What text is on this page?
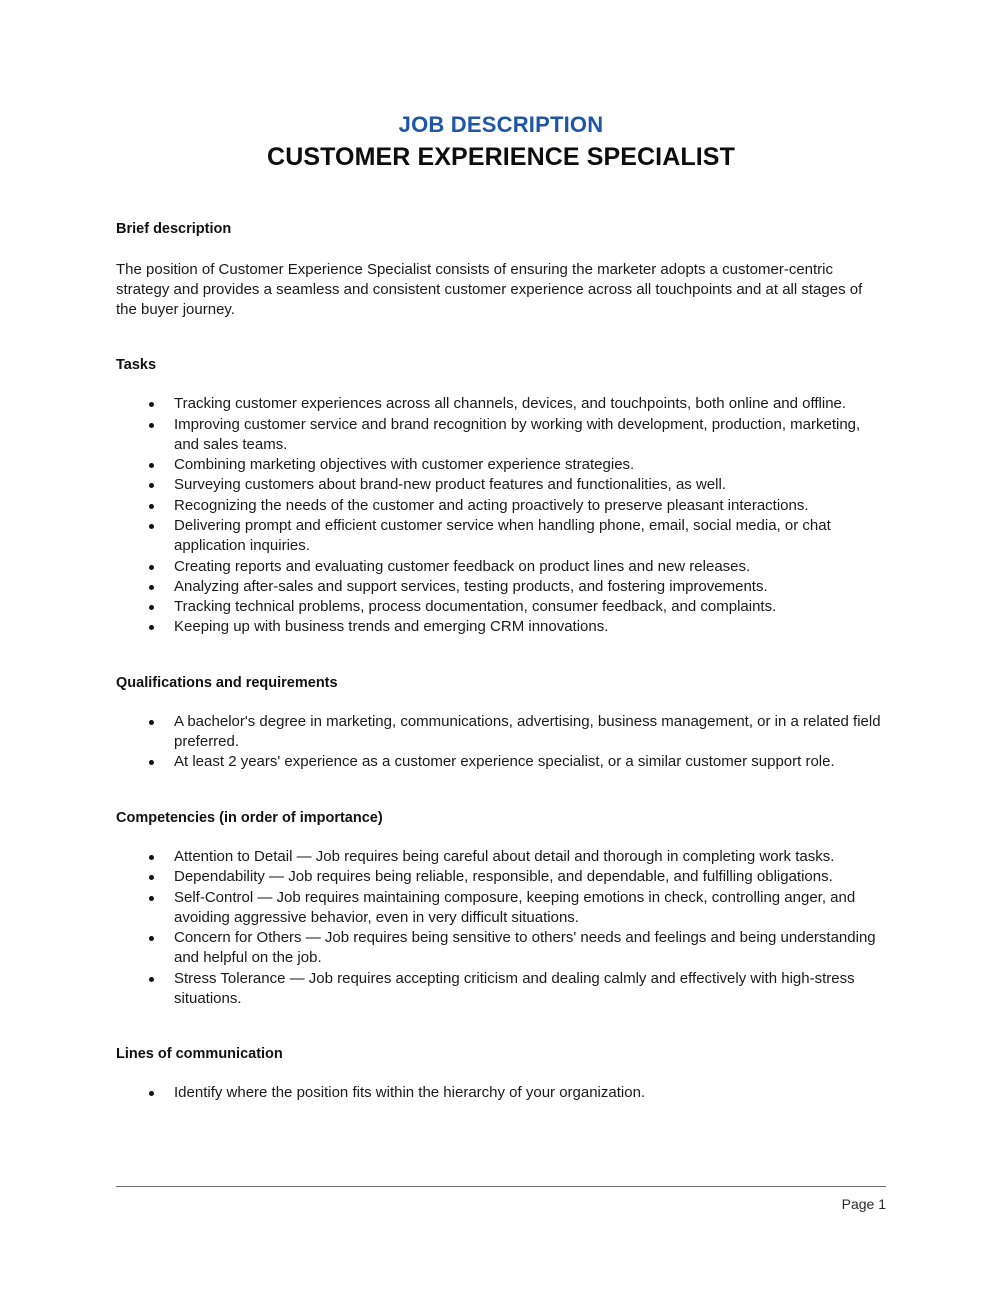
JOB DESCRIPTION
CUSTOMER EXPERIENCE SPECIALIST
Brief description

The position of Customer Experience Specialist consists of ensuring the marketer adopts a customer-centric strategy and provides a seamless and consistent customer experience across all touchpoints and at all stages of the buyer journey.

Tasks
Tracking customer experiences across all channels, devices, and touchpoints, both online and offline.
Improving customer service and brand recognition by working with development, production, marketing, and sales teams.
Combining marketing objectives with customer experience strategies.
Surveying customers about brand-new product features and functionalities, as well.
Recognizing the needs of the customer and acting proactively to preserve pleasant interactions.
Delivering prompt and efficient customer service when handling phone, email, social media, or chat application inquiries.
Creating reports and evaluating customer feedback on product lines and new releases.
Analyzing after-sales and support services, testing products, and fostering improvements.
Tracking technical problems, process documentation, consumer feedback, and complaints.
Keeping up with business trends and emerging CRM innovations.
Qualifications and requirements
A bachelor's degree in marketing, communications, advertising, business management, or in a related field preferred.
At least 2 years' experience as a customer experience specialist, or a similar customer support role.
Competencies (in order of importance)
Attention to Detail — Job requires being careful about detail and thorough in completing work tasks.
Dependability — Job requires being reliable, responsible, and dependable, and fulfilling obligations.
Self-Control — Job requires maintaining composure, keeping emotions in check, controlling anger, and avoiding aggressive behavior, even in very difficult situations.
Concern for Others — Job requires being sensitive to others' needs and feelings and being understanding and helpful on the job.
Stress Tolerance — Job requires accepting criticism and dealing calmly and effectively with high-stress situations.
Lines of communication
Identify where the position fits within the hierarchy of your organization.
Page 1
